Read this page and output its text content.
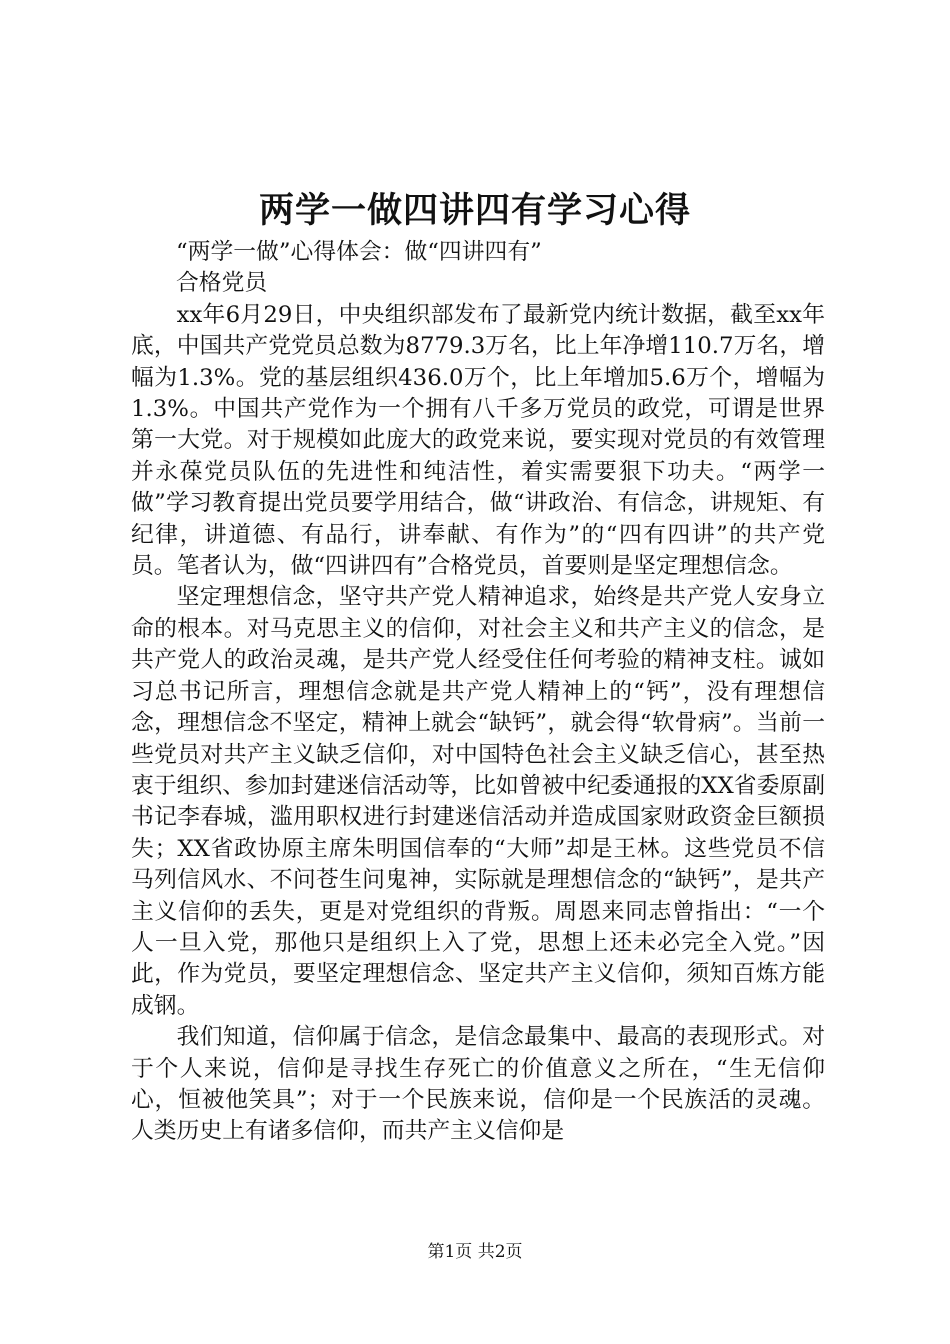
两学一做四讲四有学习心得
“两学一做”心得体会：做“四讲四有”
合格党员

xx年6月29日，中央组织部发布了最新党内统计数据，截至xx年底，中国共产党党员总数为8779.3万名，比上年净增110.7万名，增幅为1.3%。党的基层组织436.0万个，比上年增加5.6万个，增幅为1.3%。中国共产党作为一个拥有八千多万党员的政党，可谓是世界第一大党。对于规模如此庞大的政党来说，要实现对党员的有效管理并永葆党员队伍的先进性和纯洁性，着实需要狠下功夫。“两学一做”学习教育提出党员要学用结合，做“讲政治、有信念，讲规矩、有纪律，讲道德、有品行，讲奉献、有作为”的“四有四讲”的共产党员。笔者认为，做“四讲四有”合格党员，首要则是坚定理想信念。

坚定理想信念，坚守共产党人精神追求，始终是共产党人安身立命的根本。对马克思主义的信仰，对社会主义和共产主义的信念，是共产党人的政治灵魂，是共产党人经受住任何考验的精神支柱。诚如习总书记所言，理想信念就是共产党人精神上的“钙”，没有理想信念，理想信念不坚定，精神上就会“缺钙”，就会得“软骨病”。当前一些党员对共产主义缺乏信仰，对中国特色社会主义缺乏信心，甚至热衷于组织、参加封建迷信活动等，比如曾被中纪委通报的XX省委原副书记李春城，滥用职权进行封建迷信活动并造成国家财政资金巨额损失；XX省政协原主席朱明国信奉的“大师”却是王林。这些党员不信马列信风水、不问苍生问鬼神，实际就是理想信念的“缺钙”，是共产主义信仰的丢失，更是对党组织的背叛。周恩来同志曾指出：“一个人一旦入党，那他只是组织上入了党，思想上还未必完全入党。”因此，作为党员，要坚定理想信念、坚定共产主义信仰，须知百炼方能成钢。

我们知道，信仰属于信念，是信念最集中、最高的表现形式。对于个人来说，信仰是寻找生存死亡的价值意义之所在，“生无信仰心，恒被他笑具”；对于一个民族来说，信仰是一个民族活的灵魂。人类历史上有诸多信仰，而共产主义信仰是

第1页 共2页
